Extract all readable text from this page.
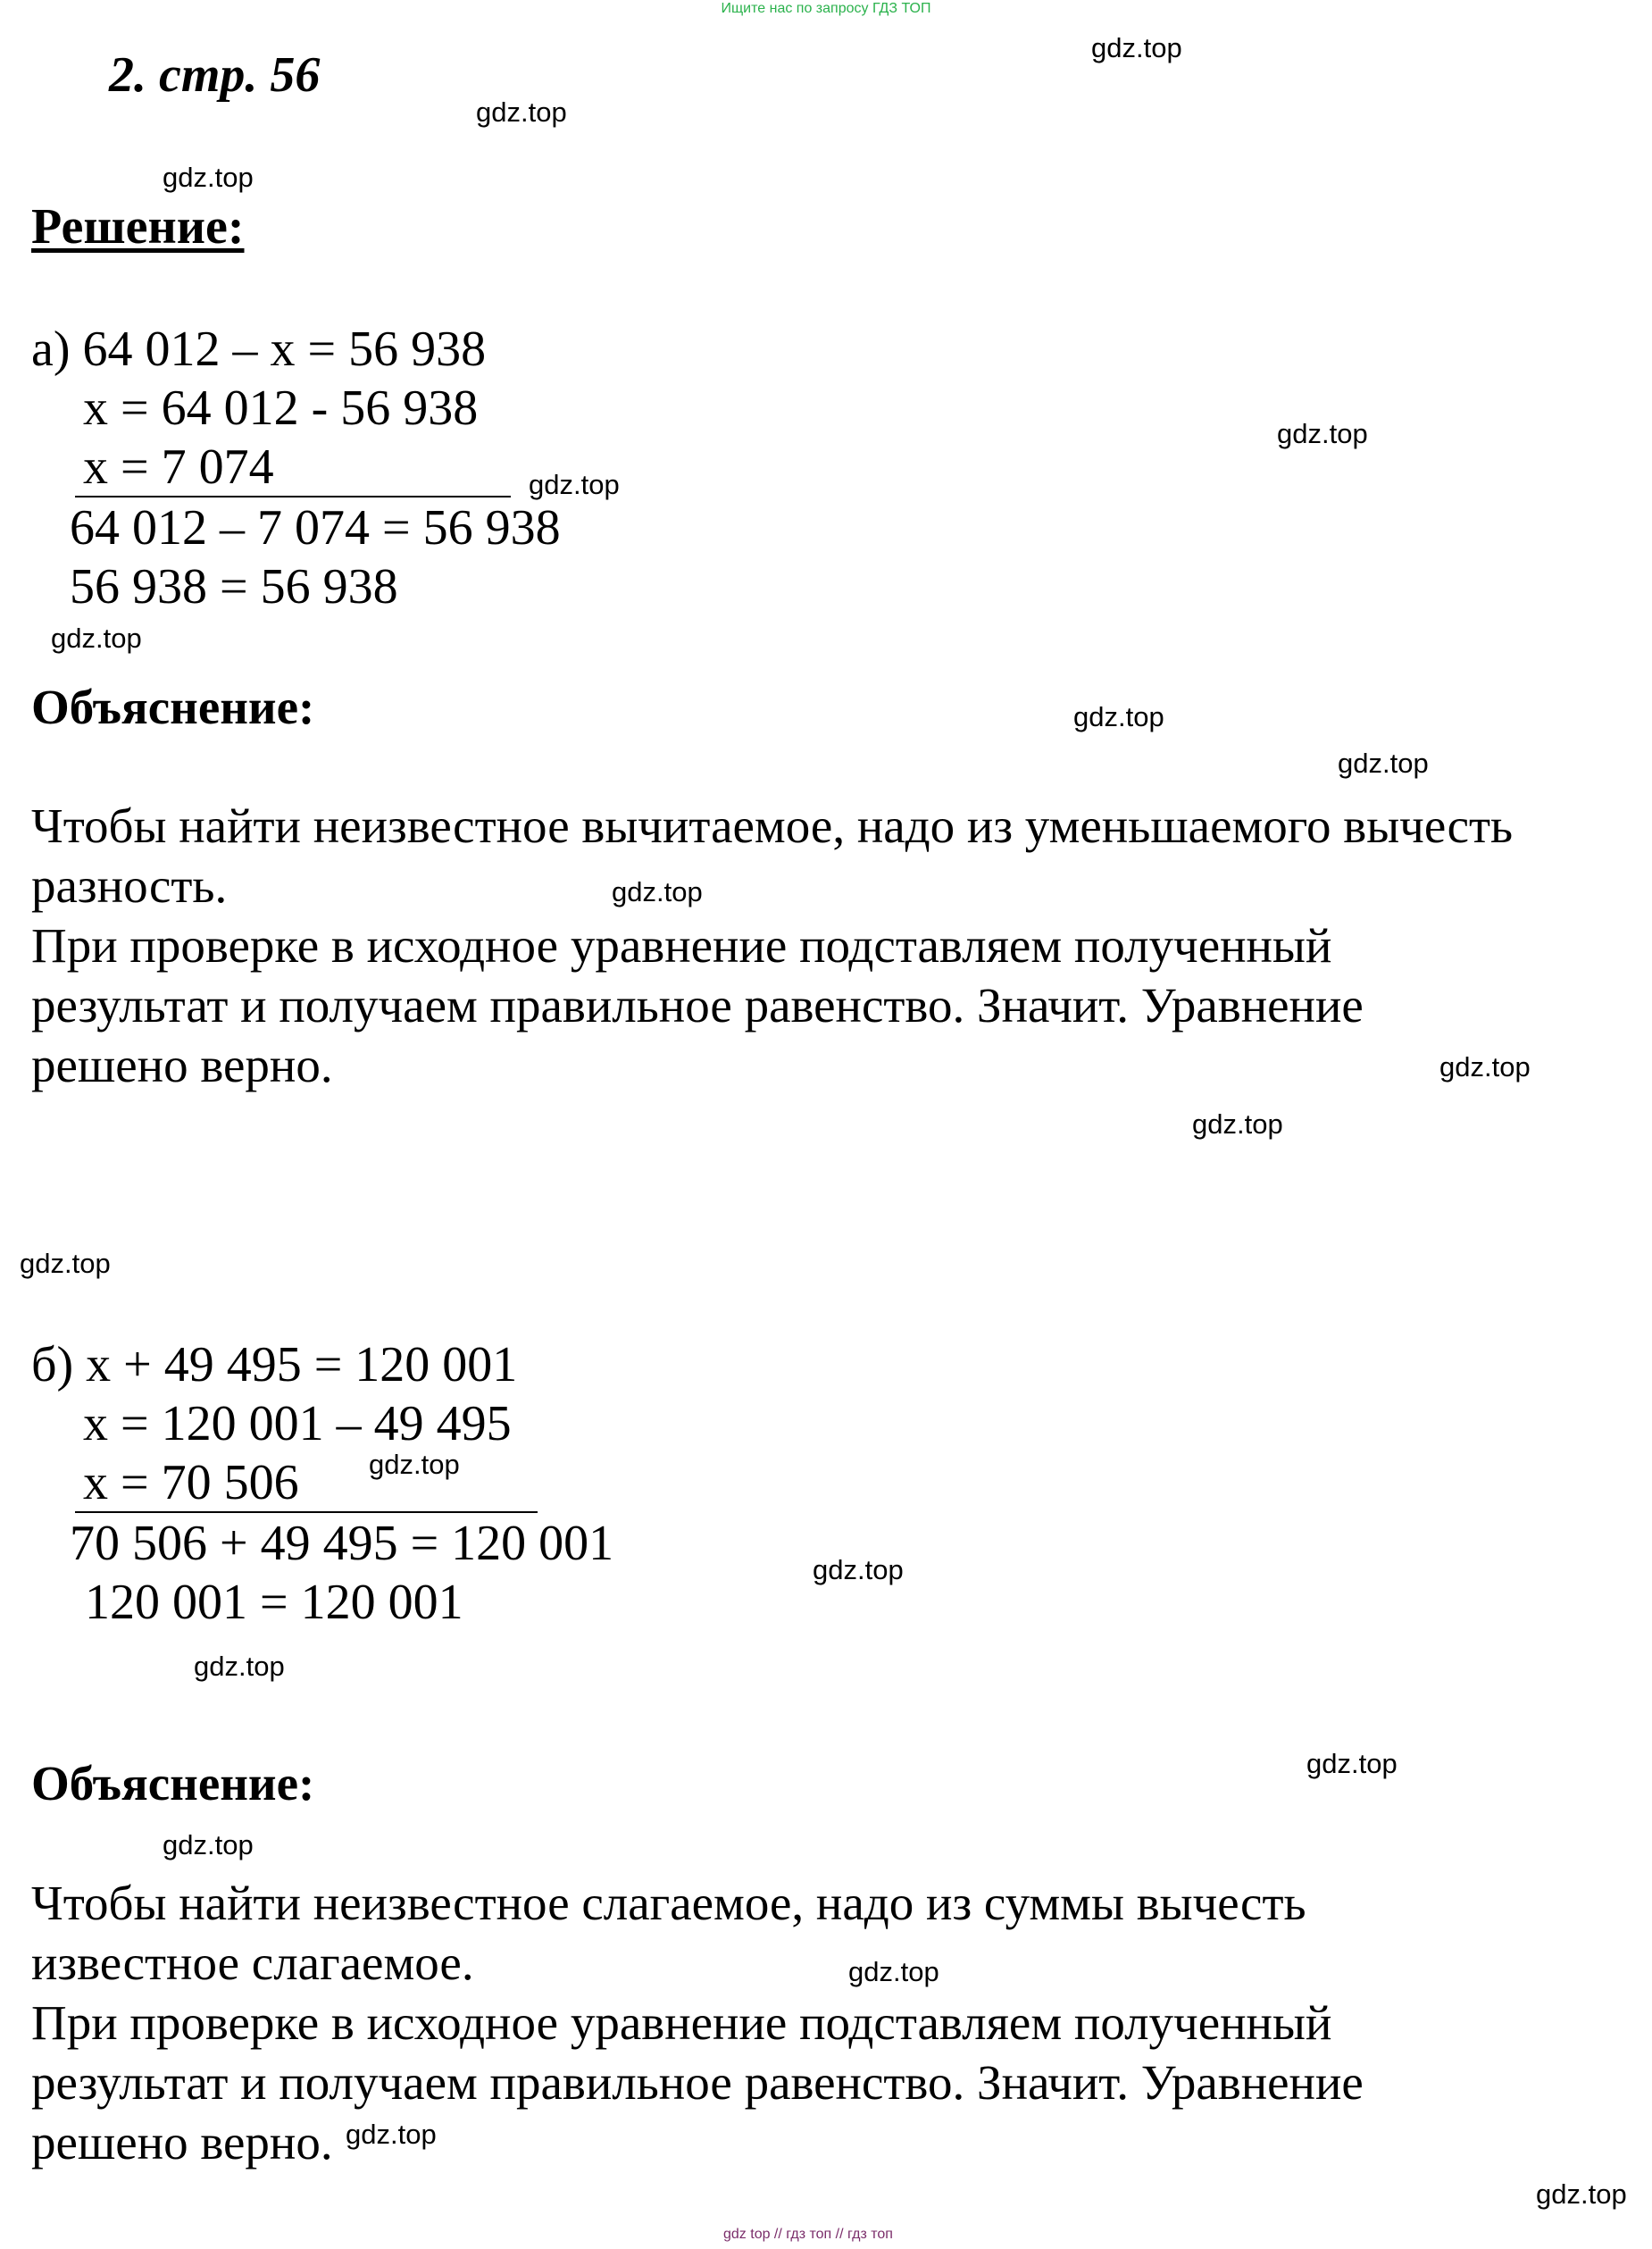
Ищите нас по запросу ГДЗ ТОП
2. стр. 56
Решение:
а) 64 012 – х = 56 938
х = 64 012 - 56 938
х = 7 074
64 012 – 7 074 = 56 938
56 938 = 56 938
Объяснение:
Чтобы найти неизвестное вычитаемое, надо из уменьшаемого вычесть
разность.
При проверке в исходное уравнение подставляем полученный
результат и получаем правильное равенство. Значит. Уравнение
решено верно.
б) х + 49 495 = 120 001
х = 120 001 – 49 495
х = 70 506
70 506 + 49 495 = 120 001
120 001 = 120 001
Объяснение:
Чтобы найти неизвестное слагаемое, надо из суммы вычесть
известное слагаемое.
При проверке в исходное уравнение подставляем полученный
результат и получаем правильное равенство. Значит. Уравнение
решено верно.
gdz.top
gdz.top
gdz.top
gdz.top
gdz.top
gdz.top
gdz.top
gdz.top
gdz.top
gdz.top
gdz.top
gdz.top
gdz.top
gdz.top
gdz.top
gdz.top
gdz.top
gdz.top
gdz.top
gdz.top
gdz top // гдз топ // гдз топ
